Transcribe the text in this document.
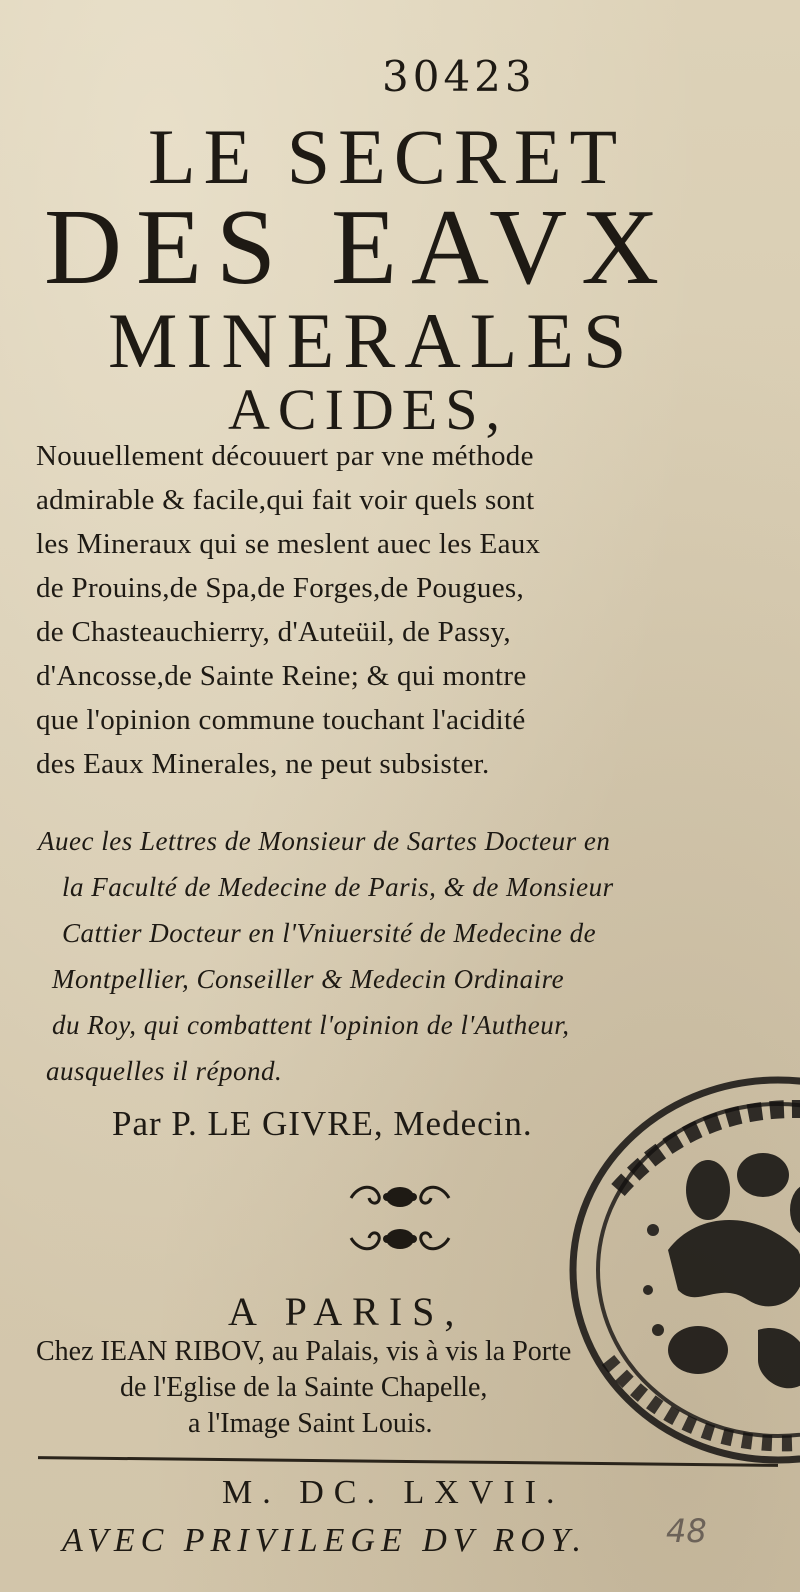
30423
LE SECRET
DES EAVX
MINERALES
ACIDES,
Nouuellement découuert par vne méthode
admirable & facile,qui fait voir quels sont
les Mineraux qui se meslent auec les Eaux
de Prouins,de Spa,de Forges,de Pougues,
de Chasteauchierry, d'Auteüil, de Passy,
d'Ancosse,de Sainte Reine; & qui montre
que l'opinion commune touchant l'acidité
des Eaux Minerales, ne peut subsister.
Auec les Lettres de Monsieur de Sartes Docteur en
la Faculté de Medecine de Paris, & de Monsieur
Cattier Docteur en l'Vniuersité de Medecine de
Montpellier, Conseiller & Medecin Ordinaire
du Roy, qui combattent l'opinion de l'Autheur,
ausquelles il répond.
Par P. LE GIVRE, Medecin.
A PARIS,
Chez IEAN RIBOV, au Palais, vis à vis la Porte
de l'Eglise de la Sainte Chapelle,
a l'Image Saint Louis.
M. DC. LXVII.
AVEC PRIVILEGE DV ROY. 48
